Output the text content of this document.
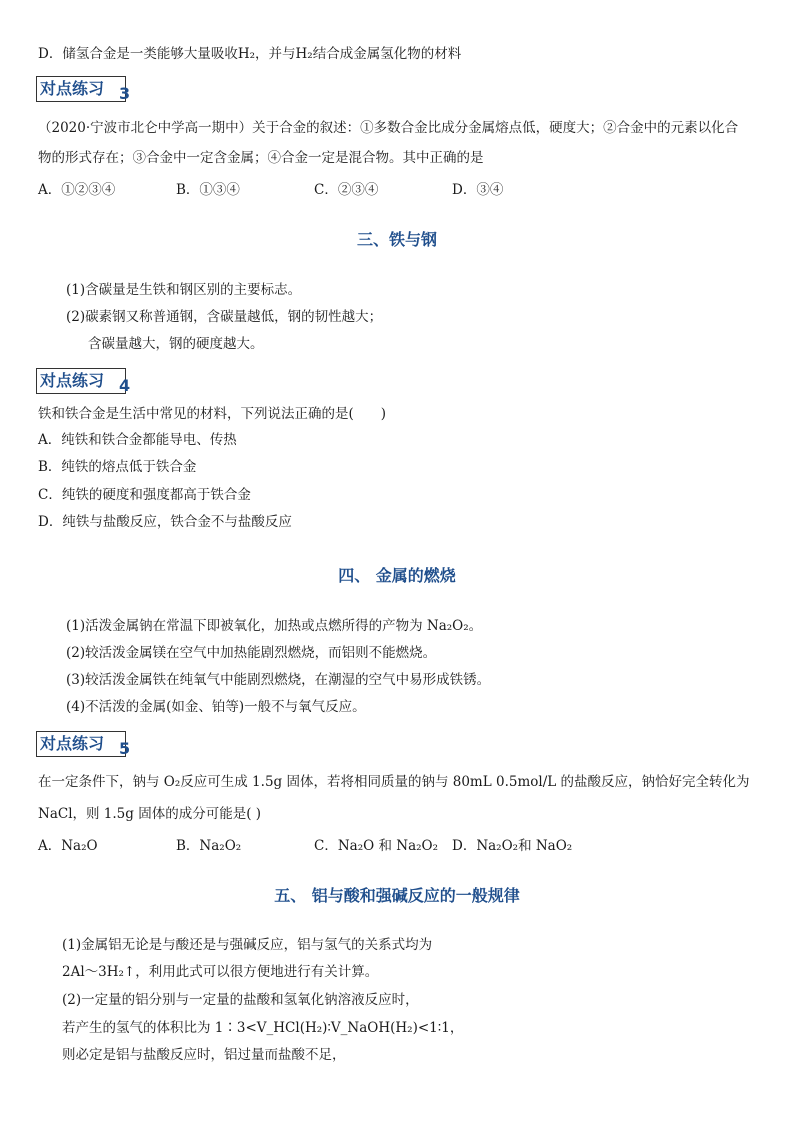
D．储氢合金是一类能够大量吸收H₂，并与H₂结合成金属氢化物的材料
对点练习 3
（2020·宁波市北仑中学高一期中）关于合金的叙述：①多数合金比成分金属熔点低，硬度大；②合金中的元素以化合
物的形式存在；③合金中一定含金属；④合金一定是混合物。其中正确的是
A．①②③④	B．①③④	C．②③④	D．③④
三、铁与钢
(1)含碳量是生铁和钢区别的主要标志。
(2)碳素钢又称普通钢，含碳量越低，钢的韧性越大；
含碳量越大，钢的硬度越大。
对点练习 4
铁和铁合金是生活中常见的材料，下列说法正确的是(　　)
A．纯铁和铁合金都能导电、传热
B．纯铁的熔点低于铁合金
C．纯铁的硬度和强度都高于铁合金
D．纯铁与盐酸反应，铁合金不与盐酸反应
四、 金属的燃烧
(1)活泼金属钠在常温下即被氧化，加热或点燃所得的产物为 Na₂O₂。
(2)较活泼金属镁在空气中加热能剧烈燃烧，而铝则不能燃烧。
(3)较活泼金属铁在纯氧气中能剧烈燃烧，在潮湿的空气中易形成铁锈。
(4)不活泼的金属(如金、铂等)一般不与氧气反应。
对点练习 5
在一定条件下，钠与 O₂反应可生成 1.5g 固体，若将相同质量的钠与 80mL 0.5mol/L 的盐酸反应，钠恰好完全转化为
NaCl，则 1.5g 固体的成分可能是( )
A．Na₂O	B．Na₂O₂	C．Na₂O 和 Na₂O₂ D．Na₂O₂和 NaO₂
五、 铝与酸和强碱反应的一般规律
(1)金属铝无论是与酸还是与强碱反应，铝与氢气的关系式均为
2Al～3H₂↑，利用此式可以很方便地进行有关计算。
(2)一定量的铝分别与一定量的盐酸和氢氧化钠溶液反应时，
若产生的氢气的体积比为 1∶3<V_HCl(H₂)∶V_NaOH(H₂)<1∶1，
则必定是铝与盐酸反应时，铝过量而盐酸不足，
